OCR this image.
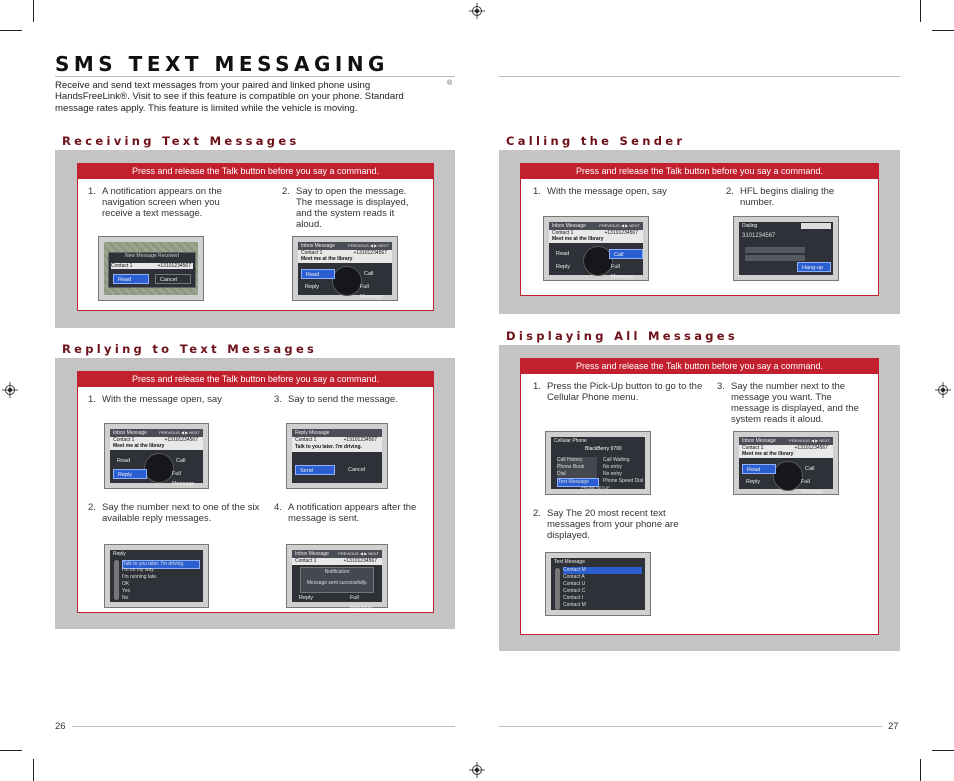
SMS TEXT MESSAGING
Receive and send text messages from your paired and linked phone using HandsFreeLink®. Visit to see if this feature is compatible on your phone. Standard message rates apply. This feature is limited while the vehicle is moving.
®
Receiving Text Messages
Press and release the Talk button before you say a command.
1. A notification appears on the navigation screen when you receive a text message.
2. Say to open the message. The message is displayed, and the system reads it aloud.
New Message Received
Contact 1	+13101234567
Read	Cancel
Inbox Message	PREVIOUS ◀ ▶ NEXT
Contact 1	+13101234567
Meet me at the library
Read	Call
Reply	Full Message
Replying to Text Messages
Press and release the Talk button before you say a command.
1. With the message open, say	3. Say to send the message.
2. Say the number next to one of the six available reply messages.
4. A notification appears after the message is sent.
Inbox Message	PREVIOUS ◀ ▶ NEXT
Contact 1	+13101234567
Meet me at the library
Read	Call
Reply	Full Message
Reply Message
Contact 1	+13101234567
Talk to you later. I'm driving.
Send	Cancel
Reply
Talk to you later. I'm driving.
I'm on my way.
I'm running late.
OK
Yes
No
Inbox Message PREVIOUS ◀ ▶ NEXT
Contact 1	+13101234567
Notification
Message sent successfully.
Reply	Full Message
Calling the Sender
Press and release the Talk button before you say a command.
1. With the message open, say	2. HFL begins dialing the number.
Inbox Message	PREVIOUS ◀ ▶ NEXT
Contact 1	+13101234567
Meet me at the library
Read	Call
Reply	Full Message
Dialing
3101234567
Hang-up
Displaying All Messages
Press and release the Talk button before you say a command.
1. Press the Pick-Up button to go to the Cellular Phone menu.
3. Say the number next to the message you want. The message is displayed, and the system reads it aloud.
2. Say The 20 most recent text messages from your phone are displayed.
Cellular Phone
BlackBerry 9700
Call History
Phone Book
Dial
Text Message
Call Waiting
No entry
No entry
Phone Speed Dial
PHONE SETUP
Text Message
Contact M
Contact A
Contact U
Contact C
Contact I
Contact M
Inbox Message	PREVIOUS ◀ ▶ NEXT
Contact 1	+13101234567
Meet me at the library
Read	Call
Reply	Full Message
26	27
